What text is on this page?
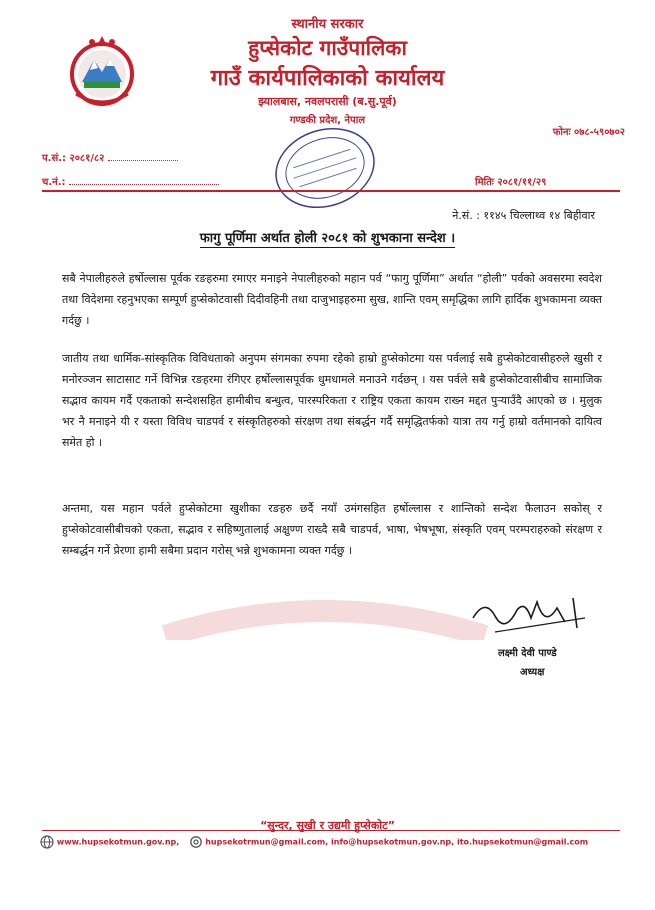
स्थानीय सरकार
हुप्सेकोट गाउँपालिका
गाउँ कार्यपालिकाको कार्यालय
झ्यालबास, नवलपरासी (ब.सु.पूर्व)
गण्डकी प्रदेश, नेपाल
फोनः ०७८-५९०७०२
प.सं.: २०८१/८२
च.नं.:	मितिः २०८१/११/२९
ने.सं. : ११४५ चिल्लाथ्व १४ बिहीवार
फागु पूर्णिमा अर्थात होली २०८१ को शुभकाना सन्देश ।
सबै नेपालीहरुले हर्षोल्लास पूर्वक रङहरुमा रमाएर मनाइने नेपालीहरुको महान पर्व “फागु पूर्णिमा” अर्थात “होली” पर्वको अवसरमा स्वदेश तथा विदेशमा रहनुभएका सम्पूर्ण हुप्सेकोटवासी दिदीवहिनी तथा दाजुभाइहरुमा सुख, शान्ति एवम् समृद्धिका लागि हार्दिक शुभकामना व्यक्त गर्दछु ।
जातीय तथा धार्मिक-सांस्कृतिक विविधताको अनुपम संगमका रुपमा रहेको हाम्रो हुप्सेकोटमा यस पर्वलाई सबै हुप्सेकोटवासीहरुले खुसी र मनोरञ्जन साटासाट गर्ने विभिन्न रङहरमा रंगिएर हर्षोल्लासपूर्वक धुमधामले मनाउने गर्दछन् । यस पर्वले सबै हुप्सेकोटवासीबीच सामाजिक सद्भाव कायम गर्दै एकताको सन्देशसहित हामीबीच बन्धुत्व, पारस्परिकता र राष्ट्रिय एकता कायम राख्न मद्दत पुऱ्याउँदै आएको छ । मुलुक भर नै मनाइने यी र यस्ता विविध चाडपर्व र संस्कृतिहरुको संरक्षण तथा संबर्द्धन गर्दै समृद्धितर्फको यात्रा तय गर्नु हाम्रो वर्तमानको दायित्व समेत हो ।
अन्तमा, यस महान पर्वले हुप्सेकोटमा खुशीका रङहरु छर्दै नयाँ उमंगसहित हर्षोल्लास र शान्तिको सन्देश फैलाउन सकोस् र हुप्सेकोटवासीबीचको एकता, सद्भाव र सहिष्णुतालाई अक्षुण्ण राख्दै सबै चाडपर्व, भाषा, भेषभूषा, संस्कृति एवम् परम्पराहरुको संरक्षण र सम्बर्द्धन गर्ने प्रेरणा हामी सबैमा प्रदान गरोस् भन्ने शुभकामना व्यक्त गर्दछु ।
लक्ष्मी देवी पाण्डे
अध्यक्ष
“सुन्दर, सुखी र उद्यमी हुप्सेकोट”
www.hupsekotmun.gov.np,	hupsekotrmun@gmail.com, info@hupsekotmun.gov.np, ito.hupsekotmun@gmail.com
